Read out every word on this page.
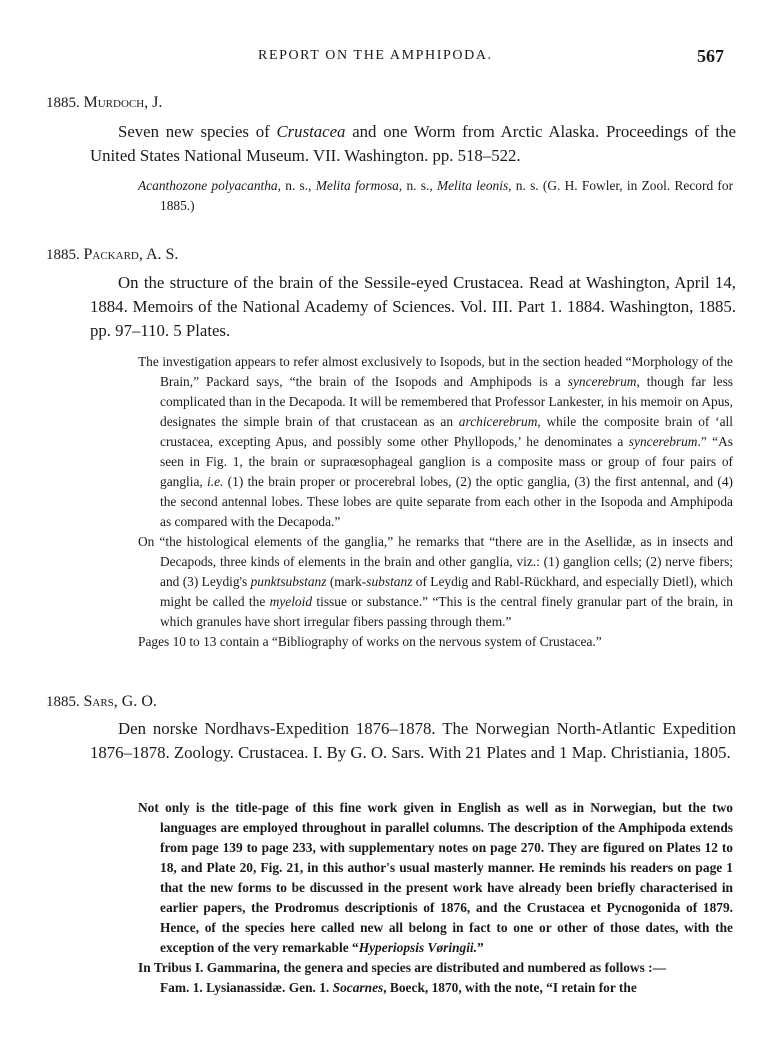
REPORT ON THE AMPHIPODA.	567
1885. Murdoch, J.
Seven new species of Crustacea and one Worm from Arctic Alaska. Proceedings of the United States National Museum. VII. Washington. pp. 518–522.

Acanthozone polyacantha, n. s., Melita formosa, n. s., Melita leonis, n. s. (G. H. Fowler, in Zool. Record for 1885.)

1885. Packard, A. S.
On the structure of the brain of the Sessile-eyed Crustacea. Read at Washington, April 14, 1884. Memoirs of the National Academy of Sciences. Vol. III. Part 1. 1884. Washington, 1885. pp. 97–110. 5 Plates.

The investigation appears to refer almost exclusively to Isopods, but in the section headed “Morphology of the Brain,” Packard says, “the brain of the Isopods and Amphipods is a syncerebrum, though far less complicated than in the Decapoda. It will be remembered that Professor Lankester, in his memoir on Apus, designates the simple brain of that crustacean as an archicerebrum, while the composite brain of ‘all crustacea, excepting Apus, and possibly some other Phyllopods,’ he denominates a syncerebrum.” “As seen in Fig. 1, the brain or supraœsophageal ganglion is a composite mass or group of four pairs of ganglia, i.e. (1) the brain proper or procerebral lobes, (2) the optic ganglia, (3) the first antennal, and (4) the second antennal lobes. These lobes are quite separate from each other in the Isopoda and Amphipoda as compared with the Decapoda.”

On “the histological elements of the ganglia,” he remarks that “there are in the Asellidæ, as in insects and Decapods, three kinds of elements in the brain and other ganglia, viz.: (1) ganglion cells; (2) nerve fibers; and (3) Leydig's punktsubstanz (mark-substanz of Leydig and Rabl-Rückhard, and especially Dietl), which might be called the myeloid tissue or substance.” “This is the central finely granular part of the brain, in which granules have short irregular fibers passing through them.”

Pages 10 to 13 contain a “Bibliography of works on the nervous system of Crustacea.”

1885. Sars, G. O.
Den norske Nordhavs-Expedition 1876–1878. The Norwegian North-Atlantic Expedition 1876–1878. Zoology. Crustacea. I. By G. O. Sars. With 21 Plates and 1 Map. Christiania, 1805.

Not only is the title-page of this fine work given in English as well as in Norwegian, but the two languages are employed throughout in parallel columns. The description of the Amphipoda extends from page 139 to page 233, with supplementary notes on page 270. They are figured on Plates 12 to 18, and Plate 20, Fig. 21, in this author's usual masterly manner. He reminds his readers on page 1 that the new forms to be discussed in the present work have already been briefly characterised in earlier papers, the Prodromus descriptionis of 1876, and the Crustacea et Pycnogonida of 1879. Hence, of the species here called new all belong in fact to one or other of those dates, with the exception of the very remarkable “Hyperiopsis Vøringii.”

In Tribus I. Gammarina, the genera and species are distributed and numbered as follows :—

Fam. 1. Lysianassidæ. Gen. 1. Socarnes, Boeck, 1870, with the note, “I retain for the
